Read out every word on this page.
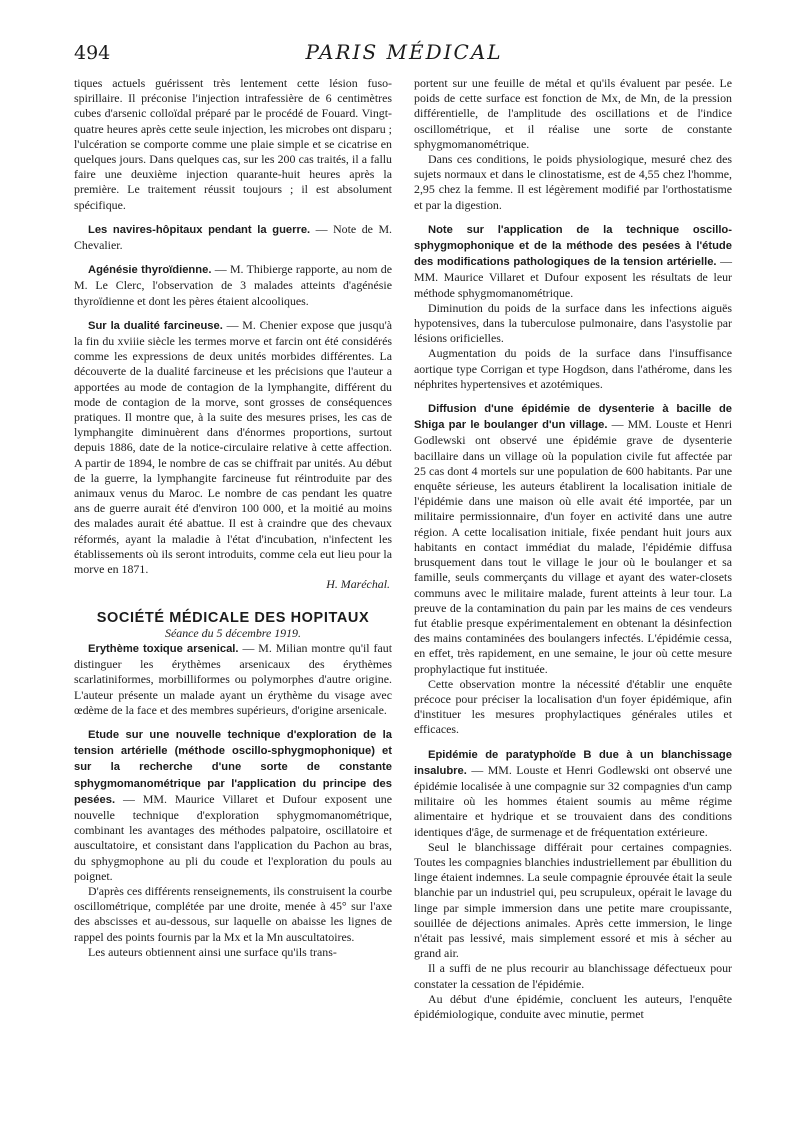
494	PARIS MÉDICAL

tiques actuels guérissent très lentement cette lésion fuso-spirillaire. Il préconise l'injection intrafessière de 6 centimètres cubes d'arsenic colloïdal préparé par le procédé de Fouard. Vingt-quatre heures après cette seule injection, les microbes ont disparu ; l'ulcération se comporte comme une plaie simple et se cicatrise en quelques jours. Dans quelques cas, sur les 200 cas traités, il a fallu faire une deuxième injection quarante-huit heures après la première. Le traitement réussit toujours ; il est absolument spécifique.

Les navires-hôpitaux pendant la guerre. — Note de M. Chevalier.

Agénésie thyroïdienne. — M. Thibierge rapporte, au nom de M. Le Clerc, l'observation de 3 malades atteints d'agénésie thyroïdienne et dont les pères étaient alcooliques.

Sur la dualité farcineuse. — M. Chenier expose que jusqu'à la fin du xviiie siècle les termes morve et farcin ont été considérés comme les expressions de deux unités morbides différentes. La découverte de la dualité farcineuse et les précisions que l'auteur a apportées au mode de contagion de la lymphangite, différent du mode de contagion de la morve, sont grosses de conséquences pratiques. Il montre que, à la suite des mesures prises, les cas de lymphangite diminuèrent dans d'énormes proportions, surtout depuis 1886, date de la notice-circulaire relative à cette affection. A partir de 1894, le nombre de cas se chiffrait par unités. Au début de la guerre, la lymphangite farcineuse fut réintroduite par des animaux venus du Maroc. Le nombre de cas pendant les quatre ans de guerre aurait été d'environ 100 000, et la moitié au moins des malades aurait été abattue. Il est à craindre que des chevaux réformés, ayant la maladie à l'état d'incubation, n'infectent les établissements où ils seront introduits, comme cela eut lieu pour la morve en 1871.

H. Maréchal.

SOCIÉTÉ MÉDICALE DES HOPITAUX

Séance du 5 décembre 1919.

Erythème toxique arsenical. — M. Milian montre qu'il faut distinguer les érythèmes arsenicaux des érythèmes scarlatiniformes, morbilliformes ou polymorphes d'autre origine. L'auteur présente un malade ayant un érythème du visage avec œdème de la face et des membres supérieurs, d'origine arsenicale.

Etude sur une nouvelle technique d'exploration de la tension artérielle (méthode oscillo-sphygmophonique) et sur la recherche d'une sorte de constante sphygmomanométrique par l'application du principe des pesées. — MM. Maurice Villaret et Dufour exposent une nouvelle technique d'exploration sphygmomanométrique, combinant les avantages des méthodes palpatoire, oscillatoire et auscultatoire, et consistant dans l'application du Pachon au bras, du sphygmophone au pli du coude et l'exploration du pouls au poignet.

D'après ces différents renseignements, ils construisent la courbe oscillométrique, complétée par une droite, menée à 45° sur l'axe des abscisses et au-dessous, sur laquelle on abaisse les lignes de rappel des points fournis par la Mx et la Mn auscultatoires.

Les auteurs obtiennent ainsi une surface qu'ils trans-

portent sur une feuille de métal et qu'ils évaluent par pesée. Le poids de cette surface est fonction de Mx, de Mn, de la pression différentielle, de l'amplitude des oscillations et de l'indice oscillométrique, et il réalise une sorte de constante sphygmomanométrique.

Dans ces conditions, le poids physiologique, mesuré chez des sujets normaux et dans le clinostatisme, est de 4,55 chez l'homme, 2,95 chez la femme. Il est légèrement modifié par l'orthostatisme et par la digestion.

Note sur l'application de la technique oscillo-sphygmophonique et de la méthode des pesées à l'étude des modifications pathologiques de la tension artérielle. — MM. Maurice Villaret et Dufour exposent les résultats de leur méthode sphygmomanométrique.

Diminution du poids de la surface dans les infections aiguës hypotensives, dans la tuberculose pulmonaire, dans l'asystolie par lésions orificielles.

Augmentation du poids de la surface dans l'insuffisance aortique type Corrigan et type Hogdson, dans l'athérome, dans les néphrites hypertensives et azotémiques.

Diffusion d'une épidémie de dysenterie à bacille de Shiga par le boulanger d'un village. — MM. Louste et Henri Godlewski ont observé une épidémie grave de dysenterie bacillaire dans un village où la population civile fut affectée par 25 cas dont 4 mortels sur une population de 600 habitants. Par une enquête sérieuse, les auteurs établirent la localisation initiale de l'épidémie dans une maison où elle avait été importée, par un militaire permissionnaire, d'un foyer en activité dans une autre région. A cette localisation initiale, fixée pendant huit jours aux habitants en contact immédiat du malade, l'épidémie diffusa brusquement dans tout le village le jour où le boulanger et sa famille, seuls commerçants du village et ayant des water-closets communs avec le militaire malade, furent atteints à leur tour. La preuve de la contamination du pain par les mains de ces vendeurs fut établie presque expérimentalement en obtenant la désinfection des mains contaminées des boulangers infectés. L'épidémie cessa, en effet, très rapidement, en une semaine, le jour où cette mesure prophylactique fut instituée.

Cette observation montre la nécessité d'établir une enquête précoce pour préciser la localisation d'un foyer épidémique, afin d'instituer les mesures prophylactiques générales utiles et efficaces.

Epidémie de paratyphoïde B due à un blanchissage insalubre. — MM. Louste et Henri Godlewski ont observé une épidémie localisée à une compagnie sur 32 compagnies d'un camp militaire où les hommes étaient soumis au même régime alimentaire et hydrique et se trouvaient dans des conditions identiques d'âge, de surmenage et de fréquentation extérieure.

Seul le blanchissage différait pour certaines compagnies. Toutes les compagnies blanchies industriellement par ébullition du linge étaient indemnes. La seule compagnie éprouvée était la seule blanchie par un industriel qui, peu scrupuleux, opérait le lavage du linge par simple immersion dans une petite mare croupissante, souillée de déjections animales. Après cette immersion, le linge n'était pas lessivé, mais simplement essoré et mis à sécher au grand air.

Il a suffi de ne plus recourir au blanchissage défectueux pour constater la cessation de l'épidémie.

Au début d'une épidémie, concluent les auteurs, l'enquête épidémiologique, conduite avec minutie, permet
